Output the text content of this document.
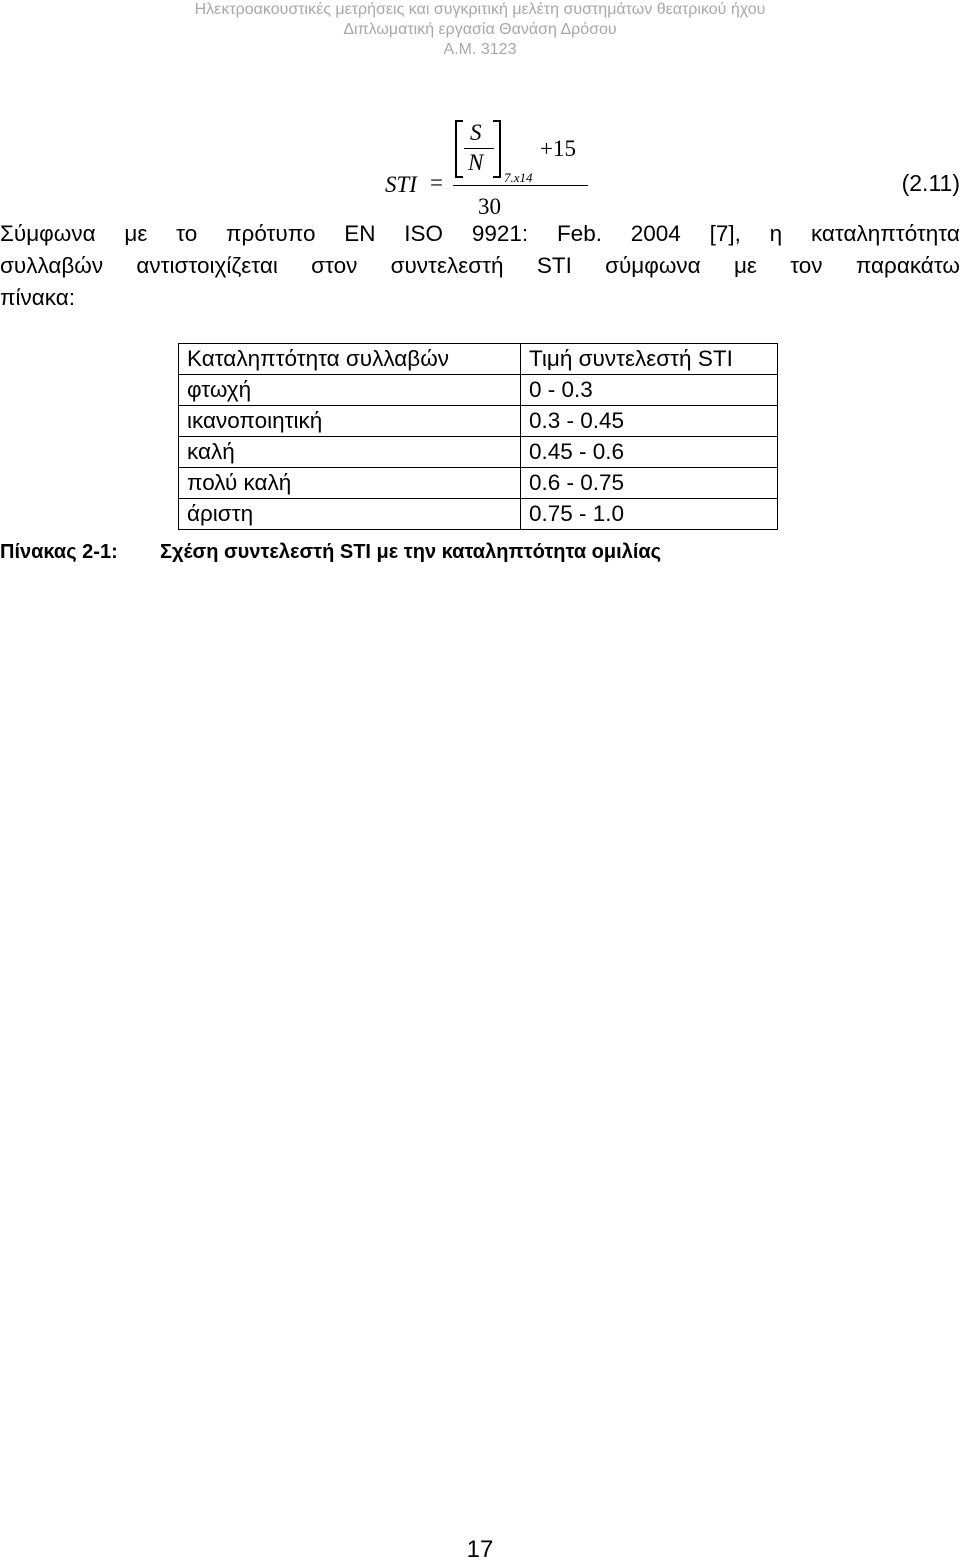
Ηλεκτροακουστικές μετρήσεις και συγκριτική μελέτη συστημάτων θεατρικού ήχου
Διπλωματική εργασία Θανάση Δρόσου
Α.Μ. 3123
STI =
S
N
7.x14
+15
30
(2.11)
Σύμφωνα με το πρότυπο EN ISO 9921: Feb. 2004 [7], η καταληπτότητα
συλλαβών αντιστοιχίζεται στον συντελεστή STI σύμφωνα με τον παρακάτω
πίνακα:
Καταληπτότητα συλλαβών	Τιμή συντελεστή STI
φτωχή	0 - 0.3
ικανοποιητική	0.3 - 0.45
καλή	0.45 - 0.6
πολύ καλή	0.6 - 0.75
άριστη	0.75 - 1.0
Πίνακας 2-1: Σχέση συντελεστή STI με την καταληπτότητα ομιλίας
17
